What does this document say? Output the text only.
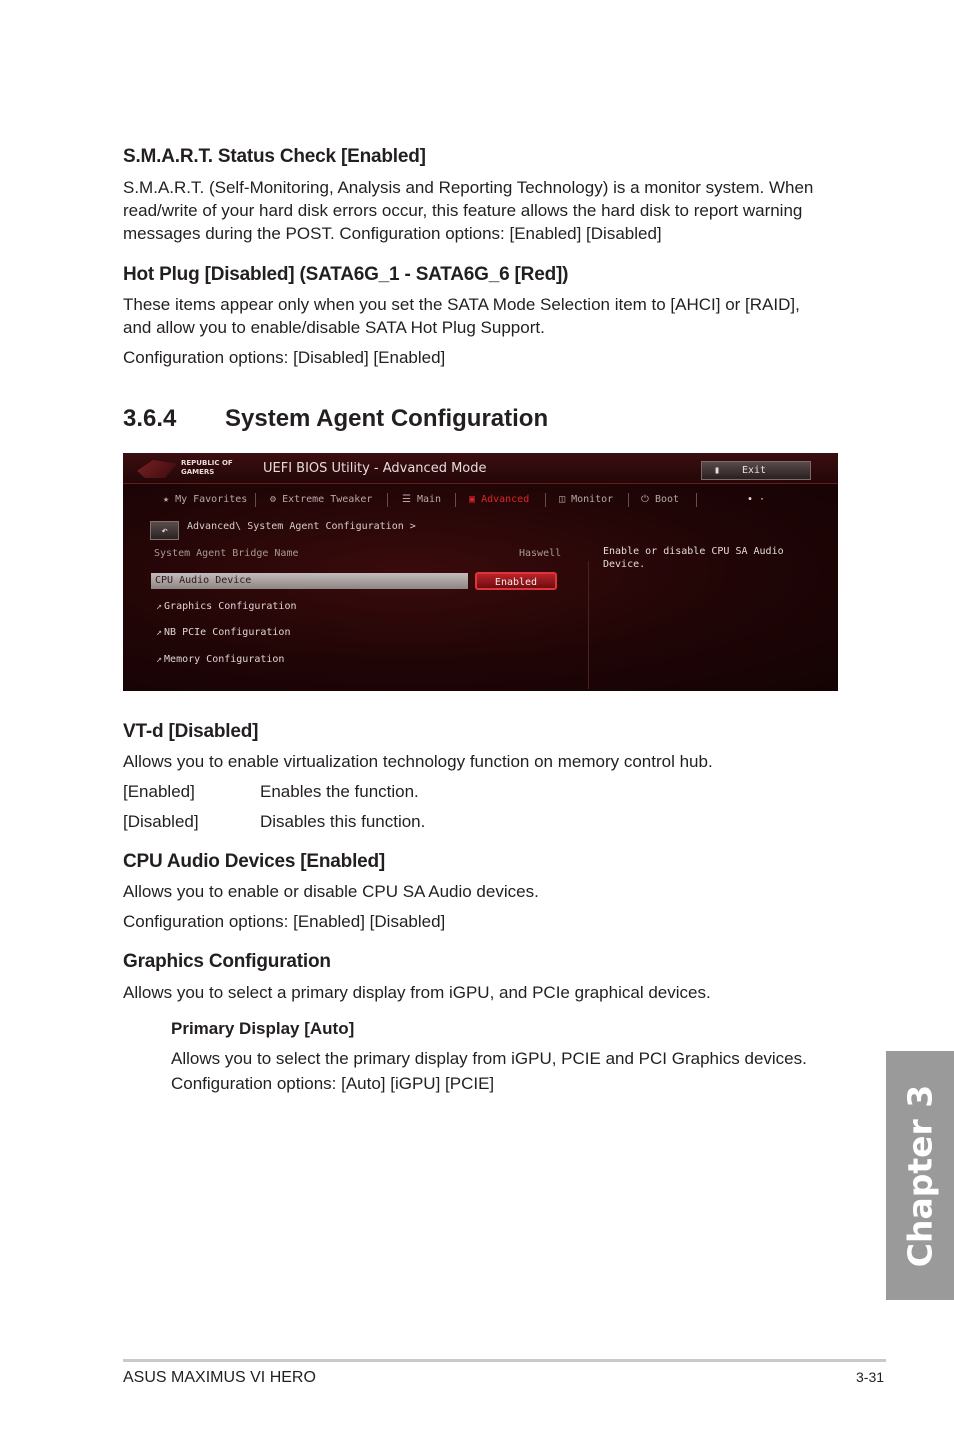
S.M.A.R.T. Status Check [Enabled]
S.M.A.R.T. (Self-Monitoring, Analysis and Reporting Technology) is a monitor system. When
read/write of your hard disk errors occur, this feature allows the hard disk to report warning
messages during the POST. Configuration options: [Enabled] [Disabled]
Hot Plug [Disabled] (SATA6G_1 - SATA6G_6 [Red])
These items appear only when you set the SATA Mode Selection item to [AHCI] or [RAID],
and allow you to enable/disable SATA Hot Plug Support.
Configuration options: [Disabled] [Enabled]
3.6.4 System Agent Configuration
REPUBLIC OF
GAMERS	UEFI BIOS Utility - Advanced Mode	▮ Exit
★ My Favorites ⚙ Extreme Tweaker	☰ Main	▣ Advanced	◫ Monitor	⏻ Boot	• ·
↶	Advanced\ System Agent Configuration >
System Agent Bridge Name	Haswell
CPU Audio Device	Enabled
↗ Graphics Configuration
↗ NB PCIe Configuration
↗ Memory Configuration
Enable or disable CPU SA Audio
Device.
VT-d [Disabled]
Allows you to enable virtualization technology function on memory control hub.
[Enabled]	Enables the function.
[Disabled]	Disables this function.
CPU Audio Devices [Enabled]
Allows you to enable or disable CPU SA Audio devices.
Configuration options: [Enabled] [Disabled]
Graphics Configuration
Allows you to select a primary display from iGPU, and PCIe graphical devices.
Primary Display [Auto]
Allows you to select the primary display from iGPU, PCIE and PCI Graphics devices.
Configuration options: [Auto] [iGPU] [PCIE]
Chapter 3
ASUS MAXIMUS VI HERO	3-31
